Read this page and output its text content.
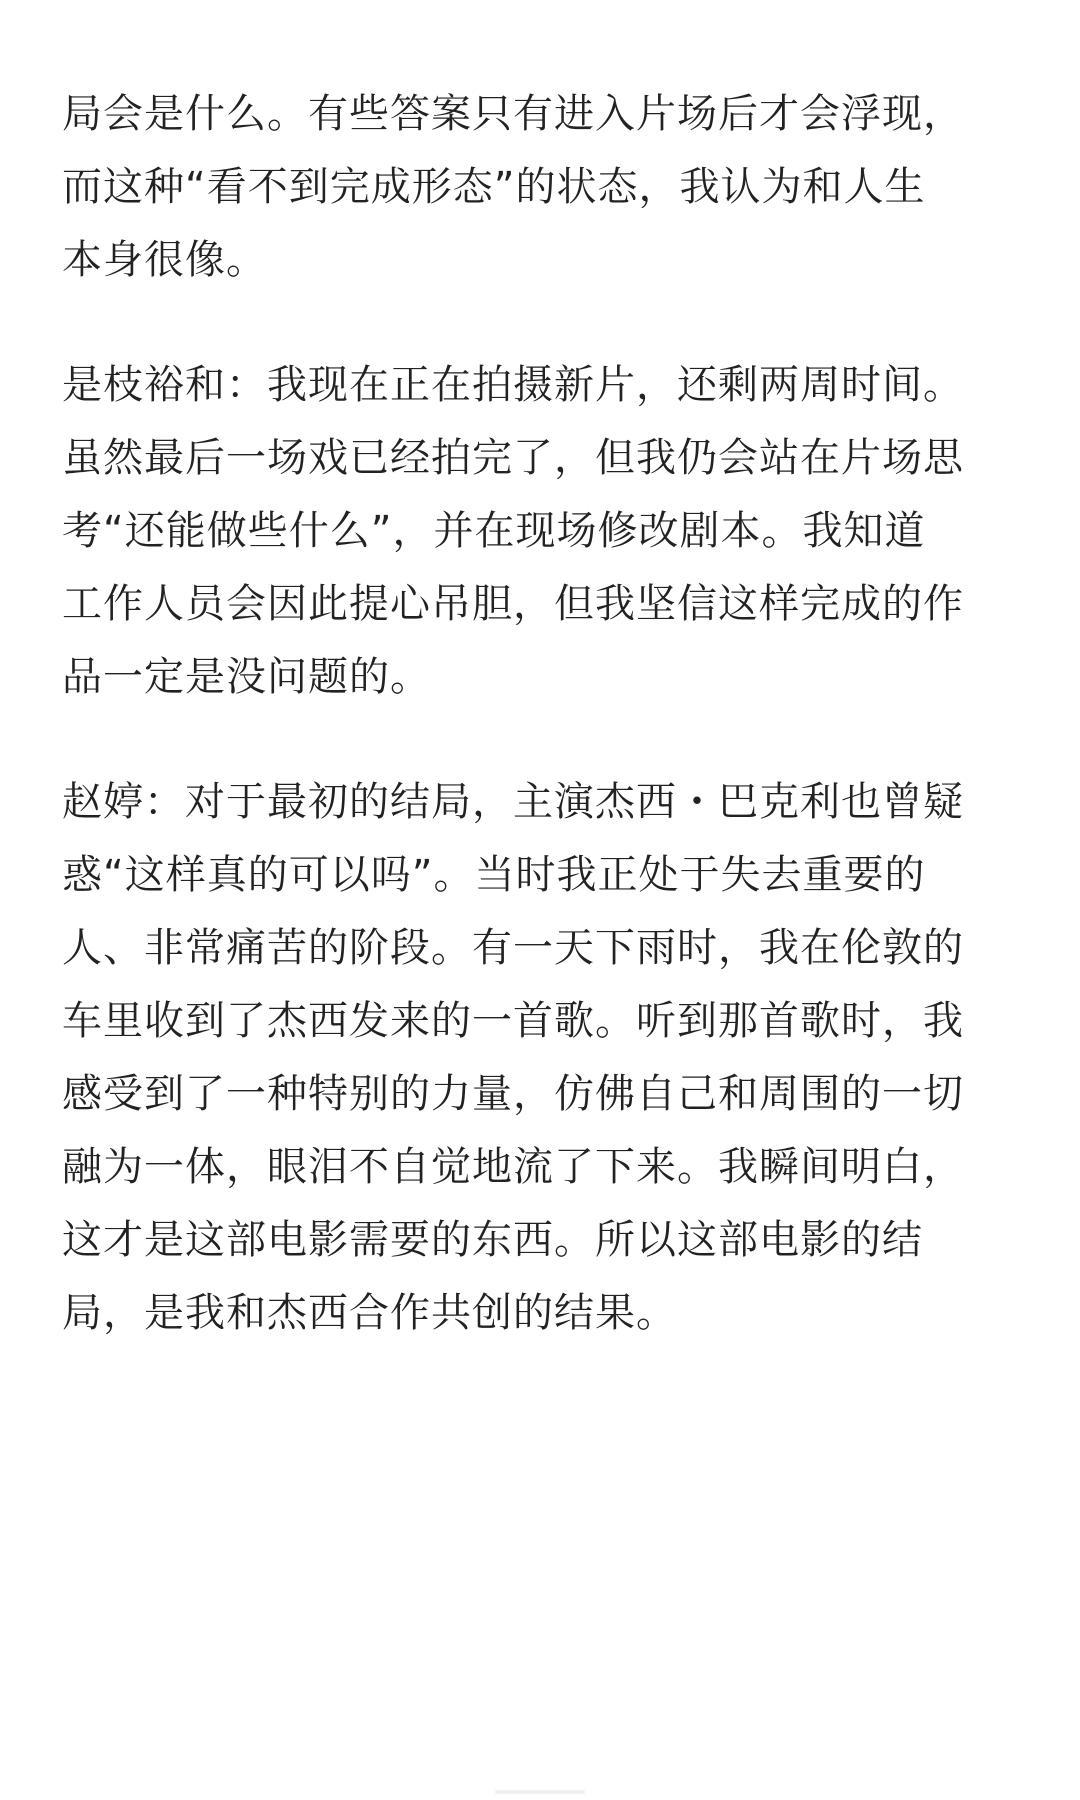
局会是什么。有些答案只有进入片场后才会浮现，
而这种“看不到完成形态”的状态，我认为和人生
本身很像。

是枝裕和：我现在正在拍摄新片，还剩两周时间。
虽然最后一场戏已经拍完了，但我仍会站在片场思
考“还能做些什么”，并在现场修改剧本。我知道
工作人员会因此提心吊胆，但我坚信这样完成的作
品一定是没问题的。

赵婷：对于最初的结局，主演杰西・巴克利也曾疑
惑“这样真的可以吗”。当时我正处于失去重要的
人、非常痛苦的阶段。有一天下雨时，我在伦敦的
车里收到了杰西发来的一首歌。听到那首歌时，我
感受到了一种特别的力量，仿佛自己和周围的一切
融为一体，眼泪不自觉地流了下来。我瞬间明白，
这才是这部电影需要的东西。所以这部电影的结
局，是我和杰西合作共创的结果。
